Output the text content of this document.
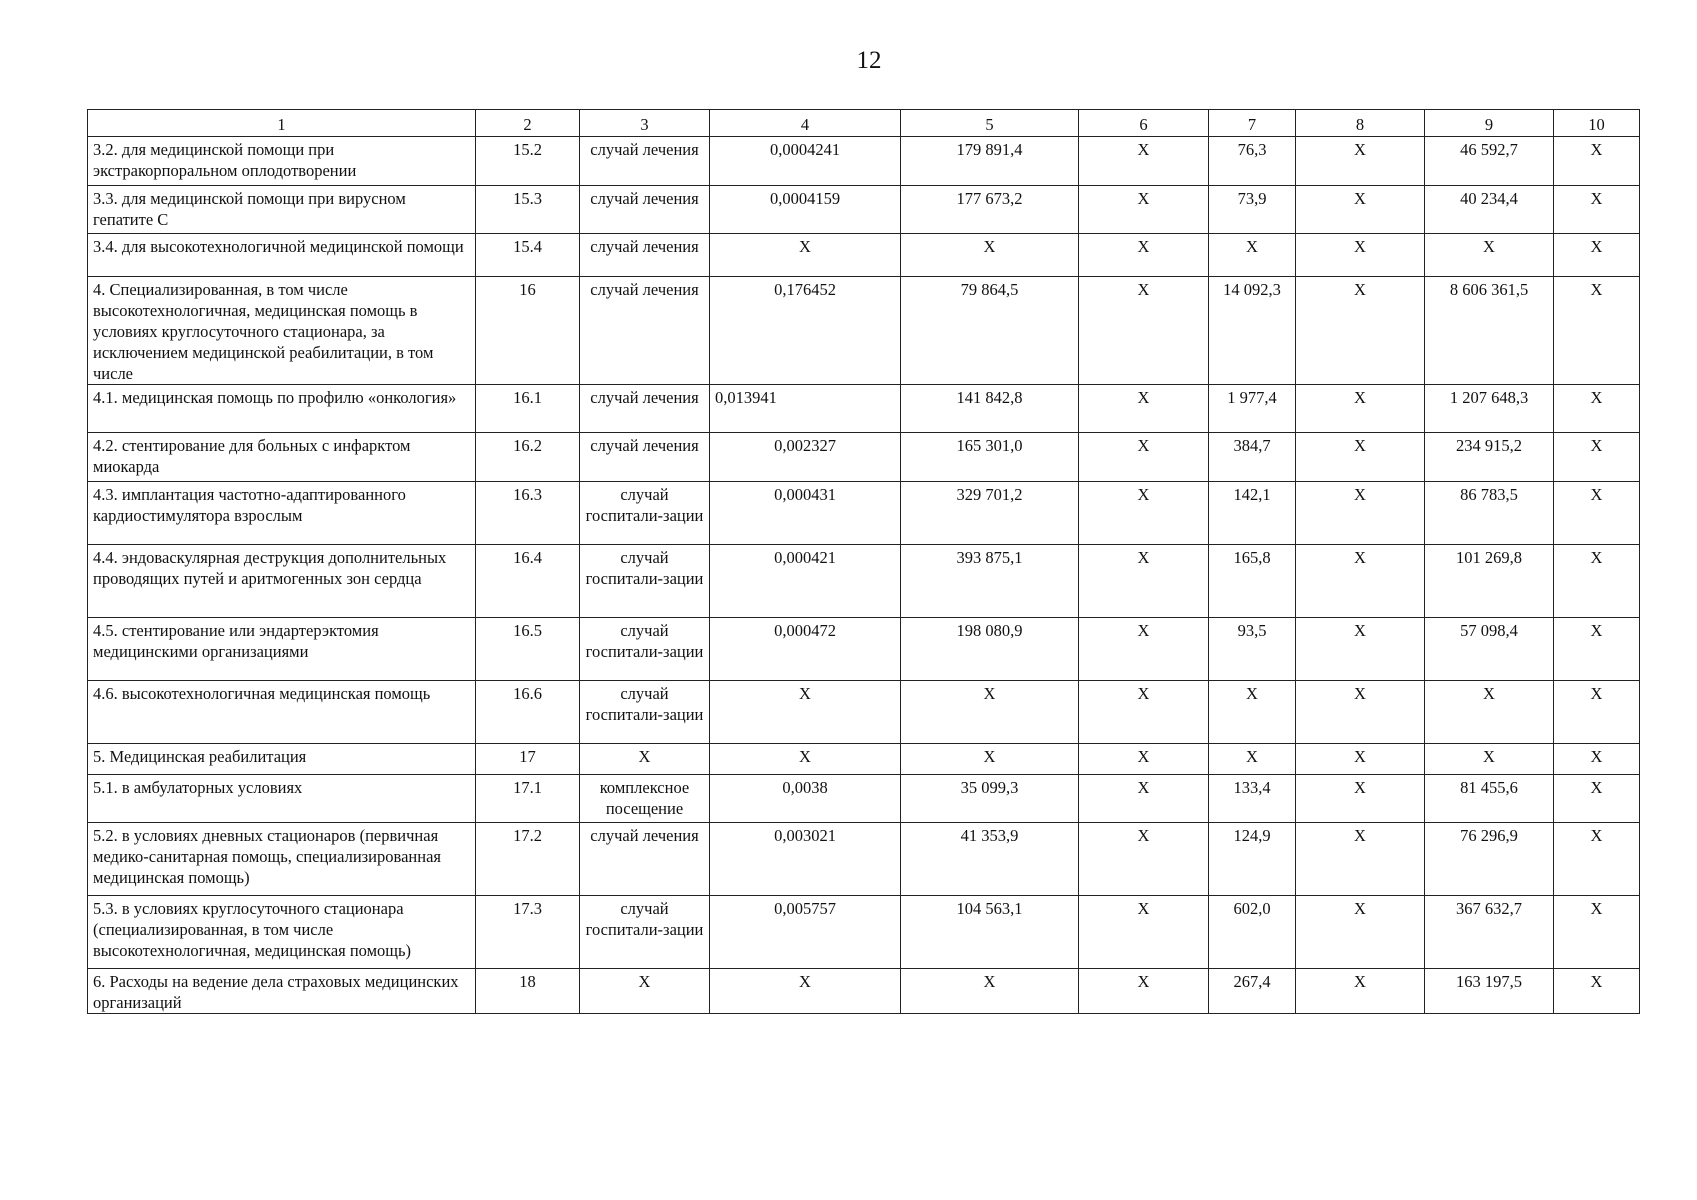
12
1	2	3	4	5	6	7	8	9	10
3.2. для медицинской помощи при экстракорпоральном оплодотворении	15.2	случай лечения	0,0004241	179 891,4	Х	76,3	Х	46 592,7	Х
3.3. для медицинской помощи при вирусном гепатите С	15.3	случай лечения	0,0004159	177 673,2	Х	73,9	Х	40 234,4	Х
3.4. для высокотехнологичной медицинской помощи	15.4	случай лечения	Х	Х	Х	Х	Х	Х	Х
4. Специализированная, в том числе высокотехнологичная, медицинская помощь в условиях круглосуточного стационара, за исключением медицинской реабилитации, в том числе	16	случай лечения	0,176452	79 864,5	Х	14 092,3	Х	8 606 361,5	Х
4.1. медицинская помощь по профилю «онкология»	16.1	случай лечения	0,013941	141 842,8	Х	1 977,4	Х	1 207 648,3	Х
4.2. стентирование для больных с инфарктом миокарда	16.2	случай лечения	0,002327	165 301,0	Х	384,7	Х	234 915,2	Х
4.3. имплантация частотно-адаптированного кардиостимулятора взрослым	16.3	случай госпитали-зации	0,000431	329 701,2	Х	142,1	Х	86 783,5	Х
4.4. эндоваскулярная деструкция дополнительных проводящих путей и аритмогенных зон сердца	16.4	случай госпитали-зации	0,000421	393 875,1	Х	165,8	Х	101 269,8	Х
4.5. стентирование или эндартерэктомия медицинскими организациями	16.5	случай госпитали-зации	0,000472	198 080,9	Х	93,5	Х	57 098,4	Х
4.6. высокотехнологичная медицинская помощь	16.6	случай госпитали-зации	Х	Х	Х	Х	Х	Х	Х
5. Медицинская реабилитация	17	Х	Х	Х	Х	Х	Х	Х	Х
5.1. в амбулаторных условиях	17.1	комплексное посещение	0,0038	35 099,3	Х	133,4	Х	81 455,6	Х
5.2. в условиях дневных стационаров (первичная медико-санитарная помощь, специализированная медицинская помощь)	17.2	случай лечения	0,003021	41 353,9	Х	124,9	Х	76 296,9	Х
5.3. в условиях круглосуточного стационара (специализированная, в том числе высокотехнологичная, медицинская помощь)	17.3	случай госпитали-зации	0,005757	104 563,1	Х	602,0	Х	367 632,7	Х
6. Расходы на ведение дела страховых медицинских организаций	18	Х	Х	Х	Х	267,4	Х	163 197,5	Х
